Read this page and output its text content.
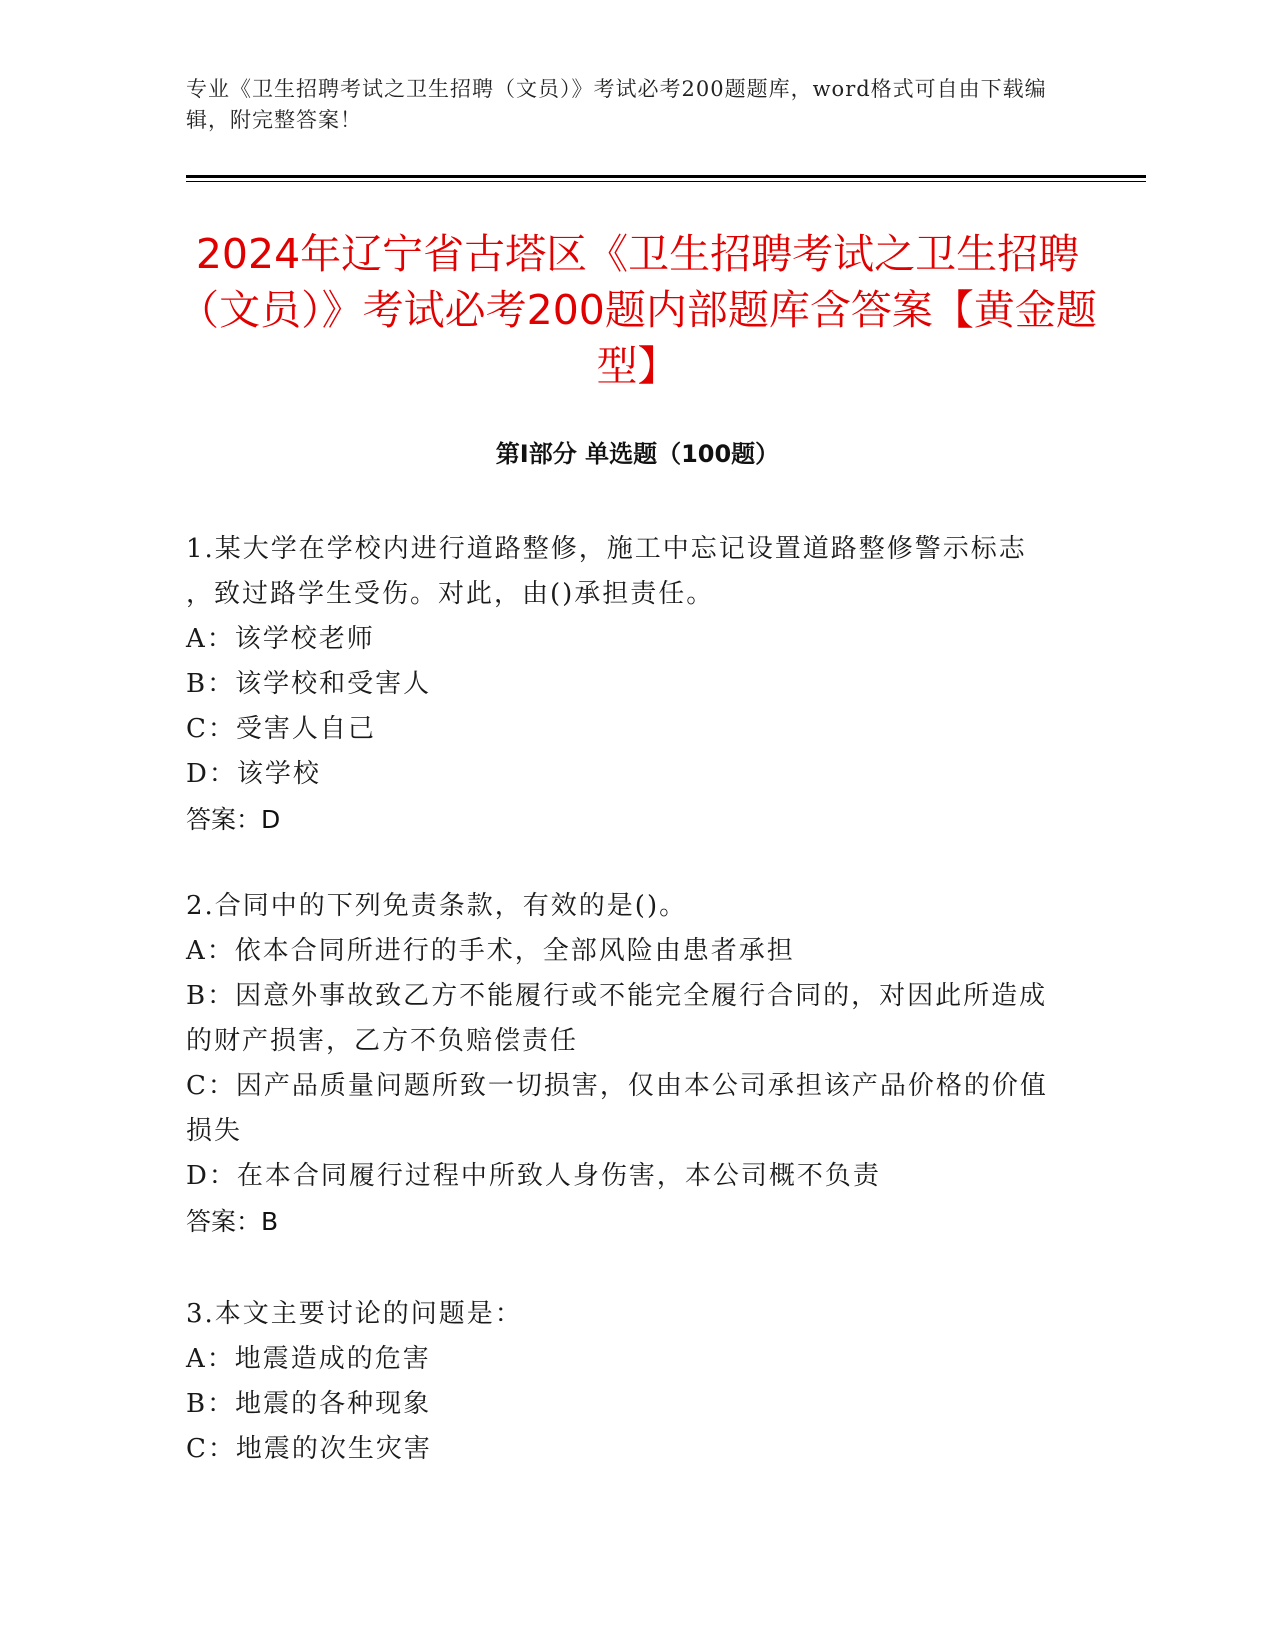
专业《卫生招聘考试之卫生招聘（文员）》考试必考200题题库，word格式可自由下载编辑，附完整答案！
2024年辽宁省古塔区《卫生招聘考试之卫生招聘（文员）》考试必考200题内部题库含答案【黄金题型】
第I部分 单选题（100题）

1.某大学在学校内进行道路整修，施工中忘记设置道路整修警示标志

，致过路学生受伤。对此，由()承担责任。

A：该学校老师

B：该学校和受害人

C：受害人自己

D：该学校

答案：D

2.合同中的下列免责条款，有效的是()。

A：依本合同所进行的手术，全部风险由患者承担

B：因意外事故致乙方不能履行或不能完全履行合同的，对因此所造成

的财产损害，乙方不负赔偿责任

C：因产品质量问题所致一切损害，仅由本公司承担该产品价格的价值

损失

D：在本合同履行过程中所致人身伤害，本公司概不负责

答案：B

3.本文主要讨论的问题是：

A：地震造成的危害

B：地震的各种现象

C：地震的次生灾害
